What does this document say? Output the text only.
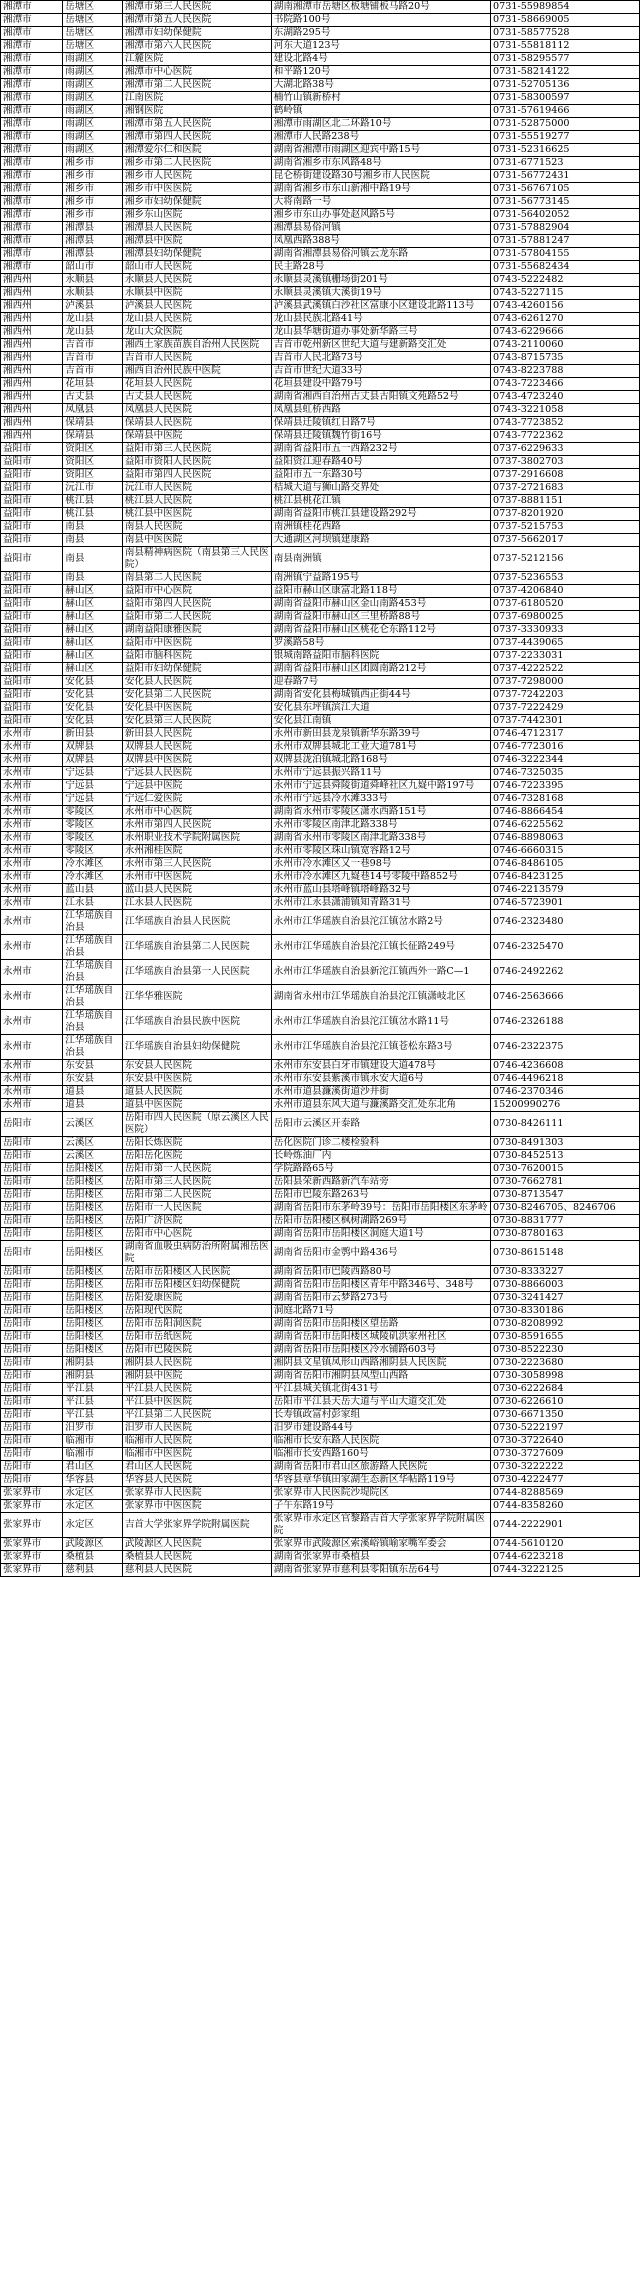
湘潭市	岳塘区	湘潭市第三人民医院	湖南湘潭市岳塘区板塘铺板马路20号	0731-55989854
湘潭市	岳塘区	湘潭市第五人民医院	书院路100号	0731-58669005
湘潭市	岳塘区	湘潭市妇幼保健院	东湖路295号	0731-58577528
湘潭市	岳塘区	湘潭市第六人民医院	河东大道123号	0731-55818112
湘潭市	雨湖区	江麓医院	建设北路4号	0731-58295577
湘潭市	雨湖区	湘潭市中心医院	和平路120号	0731-58214122
湘潭市	雨湖区	湘潭市第二人民医院	大湖北路38号	0731-52705136
湘潭市	雨湖区	江南医院	楠竹山镇新桥村	0731-58300597
湘潭市	雨湖区	湘钢医院	鹤岭镇	0731-57619466
湘潭市	雨湖区	湘潭市第五人民医院	湘潭市雨湖区北二环路10号	0731-52875000
湘潭市	雨湖区	湘潭市第四人民医院	湘潭市人民路238号	0731-55519277
湘潭市	雨湖区	湘潭爱尔仁和医院	湖南省湘潭市雨湖区迎宾中路15号	0731-52316625
湘潭市	湘乡市	湘乡市第二人民医院	湖南省湘乡市东风路48号	0731-6771523
湘潭市	湘乡市	湘乡市人民医院	昆仑桥街建设路30号湘乡市人民医院	0731-56772431
湘潭市	湘乡市	湘乡市中医医院	湖南省湘乡市东山新湘中路19号	0731-56767105
湘潭市	湘乡市	湘乡市妇幼保健院	大将南路一号	0731-56773145
湘潭市	湘乡市	湘乡东山医院	湘乡市东山办事处赵风路5号	0731-56402052
湘潭市	湘潭县	湘潭县人民医院	湘潭县易俗河镇	0731-57882904
湘潭市	湘潭县	湘潭县中医院	凤凰西路388号	0731-57881247
湘潭市	湘潭县	湘潭县妇幼保健院	湖南省湘潭县易俗河镇云龙东路	0731-57804155
湘潭市	韶山市	韶山市人民医院	民主路28号	0731-55682434
湘西州	永顺县	永顺县人民医院	永顺县灵溪镇栅场街201号	0743-5222482
湘西州	永顺县	永顺县中医院	永顺县灵溪镇大溪街19号	0743-5227115
湘西州	泸溪县	泸溪县人民医院	泸溪县武溪镇白沙社区富康小区建设北路113号	0743-4260156
湘西州	龙山县	龙山县人民医院	龙山县民族北路41号	0743-6261270
湘西州	龙山县	龙山大众医院	龙山县华塘街道办事处新华路三号	0743-6229666
湘西州	吉首市	湘西土家族苗族自治州人民医院	吉首市乾州新区世纪大道与建新路交汇处	0743-2110060
湘西州	吉首市	吉首市人民医院	吉首市人民北路73号	0743-8715735
湘西州	吉首市	湘西自治州民族中医院	吉首市世纪大道33号	0743-8223788
湘西州	花垣县	花垣县人民医院	花垣县建设中路79号	0743-7223466
湘西州	古丈县	古丈县人民医院	湖南省湘西自治州古丈县古阳镇文苑路52号	0743-4723240
湘西州	凤凰县	凤凰县人民医院	凤凰县虹桥西路	0743-3221058
湘西州	保靖县	保靖县人民医院	保靖县迁陵镇红日路7号	0743-7723852
湘西州	保靖县	保靖县中医院	保靖县迁陵镇魏竹街16号	0743-7722362
益阳市	资阳区	益阳市第三人民医院	湖南省益阳市五一西路232号	0737-6229633
益阳市	资阳区	益阳市资阳人民医院	益阳资江迎春路40号	0737-3802703
益阳市	资阳区	益阳市第四人民医院	益阳市五一东路30号	0737-2916608
益阳市	沅江市	沅江市人民医院	桔城大道与狮山路交界处	0737-2721683
益阳市	桃江县	桃江县人民医院	桃江县桃花江镇	0737-8881151
益阳市	桃江县	桃江县中医医院	湖南省益阳市桃江县建设路292号	0737-8201920
益阳市	南县	南县人民医院	南洲镇桂花西路	0737-5215753
益阳市	南县	南县中医医院	大通湖区河坝镇建康路	0737-5662017
益阳市	南县	南县精神病医院（南县第三人民医院）	南县南洲镇	0737-5212156
益阳市	南县	南县第二人民医院	南洲镇宁益路195号	0737-5236553
益阳市	赫山区	益阳市中心医院	益阳市赫山区康富北路118号	0737-4206840
益阳市	赫山区	益阳市第四人民医院	湖南省益阳市赫山区金山南路453号	0737-6180520
益阳市	赫山区	益阳市第二人民医院	湖南省益阳市赫山区三里桥路88号	0737-6980025
益阳市	赫山区	湖南益阳康雅医院	湖南省益阳市赫山区桃花仑东路112号	0737-3330933
益阳市	赫山区	益阳市中医医院	罗溪路58号	0737-4439065
益阳市	赫山区	益阳市脑科医院	银城南路益阳市脑科医院	0737-2233031
益阳市	赫山区	益阳市妇幼保健院	湖南省益阳市赫山区团圆南路212号	0737-4222522
益阳市	安化县	安化县人民医院	迎春路7号	0737-7298000
益阳市	安化县	安化县第二人民医院	湖南省安化县梅城镇西正街44号	0737-7242203
益阳市	安化县	安化县中医医院	安化县东坪镇滨江大道	0737-7222429
益阳市	安化县	安化县第三人民医院	安化县江南镇	0737-7442301
永州市	新田县	新田县人民医院	永州市新田县龙泉镇新华东路39号	0746-4712317
永州市	双牌县	双牌县人民医院	永州市双牌县城北工业大道781号	0746-7723016
永州市	双牌县	双牌县中医医院	双牌县泷泊镇城北路168号	0746-3222344
永州市	宁远县	宁远县人民医院	永州市宁远县振兴路11号	0746-7325035
永州市	宁远县	宁远县中医院	永州市宁远县舜陵街道舜峰社区九嶷中路197号	0746-7223395
永州市	宁远县	宁远仁爱医院	永州市宁远县冷水滩333号	0746-7328168
永州市	零陵区	永州市中心医院	湖南省永州市零陵区潇水西路151号	0746-8866454
永州市	零陵区	永州市第四人民医院	永州市零陵区南津北路338号	0746-6225562
永州市	零陵区	永州职业技术学院附属医院	湖南省永州市零陵区南津北路338号	0746-8898063
永州市	零陵区	永州湘桂医院	永州市零陵区珠山镇宽容路12号	0746-6660315
永州市	冷水滩区	永州市第三人民医院	永州市冷水滩区又一巷98号	0746-8486105
永州市	冷水滩区	永州市中医医院	永州市冷水滩区九嶷巷14号零陵中路852号	0746-8423125
永州市	蓝山县	蓝山县人民医院	永州市蓝山县塔峰镇塔峰路32号	0746-2213579
永州市	江永县	江永县人民医院	永州市江永县潇浦镇知青路31号	0746-5723901
永州市	江华瑶族自治县	江华瑶族自治县人民医院	永州市江华瑶族自治县沱江镇岔水路2号	0746-2323480
永州市	江华瑶族自治县	江华瑶族自治县第二人民医院	永州市江华瑶族自治县沱江镇长征路249号	0746-2325470
永州市	江华瑶族自治县	江华瑶族自治县第一人民医院	永州市江华瑶族自治县新沱江镇西外一路C—1	0746-2492262
永州市	江华瑶族自治县	江华华雅医院	湖南省永州市江华瑶族自治县沱江镇潇岐北区	0746-2563666
永州市	江华瑶族自治县	江华瑶族自治县民族中医院	永州市江华瑶族自治县沱江镇岔水路11号	0746-2326188
永州市	江华瑶族自治县	江华瑶族自治县妇幼保健院	永州市江华瑶族自治县沱江镇苍松东路3号	0746-2322375
永州市	东安县	东安县人民医院	永州市东安县白牙市镇建设大道478号	0746-4236608
永州市	东安县	东安县中医医院	永州市东安县紫溪市镇永安大道6号	0746-4496218
永州市	道县	道县人民医院	永州市道县濂溪街道沙井街	0746-2370346
永州市	道县	道县中医医院	永州市道县东风大道与濂溪路交汇处东北角	15200990276
岳阳市	云溪区	岳阳市四人民医院（原云溪区人民医院）	岳阳市云溪区开泰路	0730-8426111
岳阳市	云溪区	岳阳长炼医院	岳化医院门诊二楼检验科	0730-8491303
岳阳市	云溪区	岳阳岳化医院	长岭炼油厂内	0730-8452513
岳阳市	岳阳楼区	岳阳市第一人民医院	学院路路65号	0730-7620015
岳阳市	岳阳楼区	岳阳市第三人民医院	岳阳县荣新西路新汽车站旁	0730-7662781
岳阳市	岳阳楼区	岳阳市第二人民医院	岳阳市巴陵东路263号	0730-8713547
岳阳市	岳阳楼区	岳阳市一人民医院	湖南省岳阳市东茅岭39号：岳阳市岳阳楼区东茅岭	0730-8246705、8246706
岳阳市	岳阳楼区	岳阳广济医院	岳阳市岳阳楼区枫树湖路269号	0730-8831777
岳阳市	岳阳楼区	岳阳市中心医院	湖南省岳阳市岳阳楼区洞庭大道1号	0730-8780163
岳阳市	岳阳楼区	湖南省血吸虫病防治所附属湘岳医院	湖南省岳阳市金鹗中路436号	0730-8615148
岳阳市	岳阳楼区	岳阳市岳阳楼区人民医院	湖南省岳阳市巴陵西路80号	0730-8333227
岳阳市	岳阳楼区	岳阳市岳阳楼区妇幼保健院	湖南省岳阳市岳阳楼区青年中路346号、348号	0730-8866003
岳阳市	岳阳楼区	岳阳爱康医院	湖南省岳阳市云梦路273号	0730-3241427
岳阳市	岳阳楼区	岳阳现代医院	洞庭北路71号	0730-8330186
岳阳市	岳阳楼区	岳阳市岳阳洞医院	湖南省岳阳市岳阳楼区望岳路	0730-8208992
岳阳市	岳阳楼区	岳阳市岳纸医院	湖南省岳阳市岳阳楼区城陵矶洪家州社区	0730-8591655
岳阳市	岳阳楼区	岳阳市巴陵医院	湖南省岳阳市岳阳楼区冷水铺路603号	0730-8522230
岳阳市	湘阴县	湘阴县人民医院	湘阴县文星镇凤形山西路湘阴县人民医院	0730-2223680
岳阳市	湘阴县	湘阴县中医院	湖南省岳阳市湘阴县凤型山西路	0730-3058998
岳阳市	平江县	平江县人民医院	平江县城关镇北街431号	0730-6222684
岳阳市	平江县	平江县中医医院	岳阳市平江县天岳大道与平山大道交汇处	0730-6226610
岳阳市	平江县	平江县第二人民医院	长寿镇政富村彭家组	0730-6671350
岳阳市	汨罗市	汨罗市人民医院	汨罗市建设路44号	0730-5222197
岳阳市	临湘市	临湘市人民医院	临湘市长安东路人民医院	0730-3722640
岳阳市	临湘市	临湘市中医医院	临湘市长安西路160号	0730-3727609
岳阳市	君山区	君山区人民医院	湖南省岳阳市君山区旅游路人民医院	0730-3222222
岳阳市	华容县	华容县人民医院	华容县章华镇田家湖生态新区华帖路119号	0730-4222477
张家界市	永定区	张家界市人民医院	张家界市人民医院沙堤院区	0744-8288569
张家界市	永定区	张家界市中医医院	子午东路19号	0744-8358260
张家界市	永定区	吉首大学张家界学院附属医院	张家界市永定区官黎路吉首大学张家界学院附属医院	0744-2222901
张家界市	武陵源区	武陵源区人民医院	张家界市武陵源区索溪峪镇喻家嘴军委会	0744-5610120
张家界市	桑植县	桑植县人民医院	湖南省张家界市桑植县	0744-6223218
张家界市	慈利县	慈利县人民医院	湖南省张家界市慈利县零阳镇东岳64号	0744-3222125
